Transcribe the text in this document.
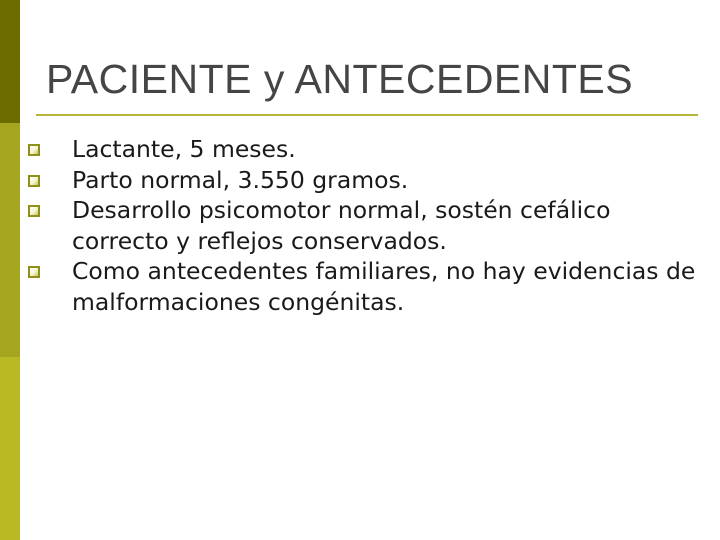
PACIENTE y ANTECEDENTES
Lactante, 5 meses.
Parto normal, 3.550 gramos.
Desarrollo psicomotor normal, sostén cefálico correcto y reflejos conservados.
Como antecedentes familiares, no hay evidencias de malformaciones congénitas.
